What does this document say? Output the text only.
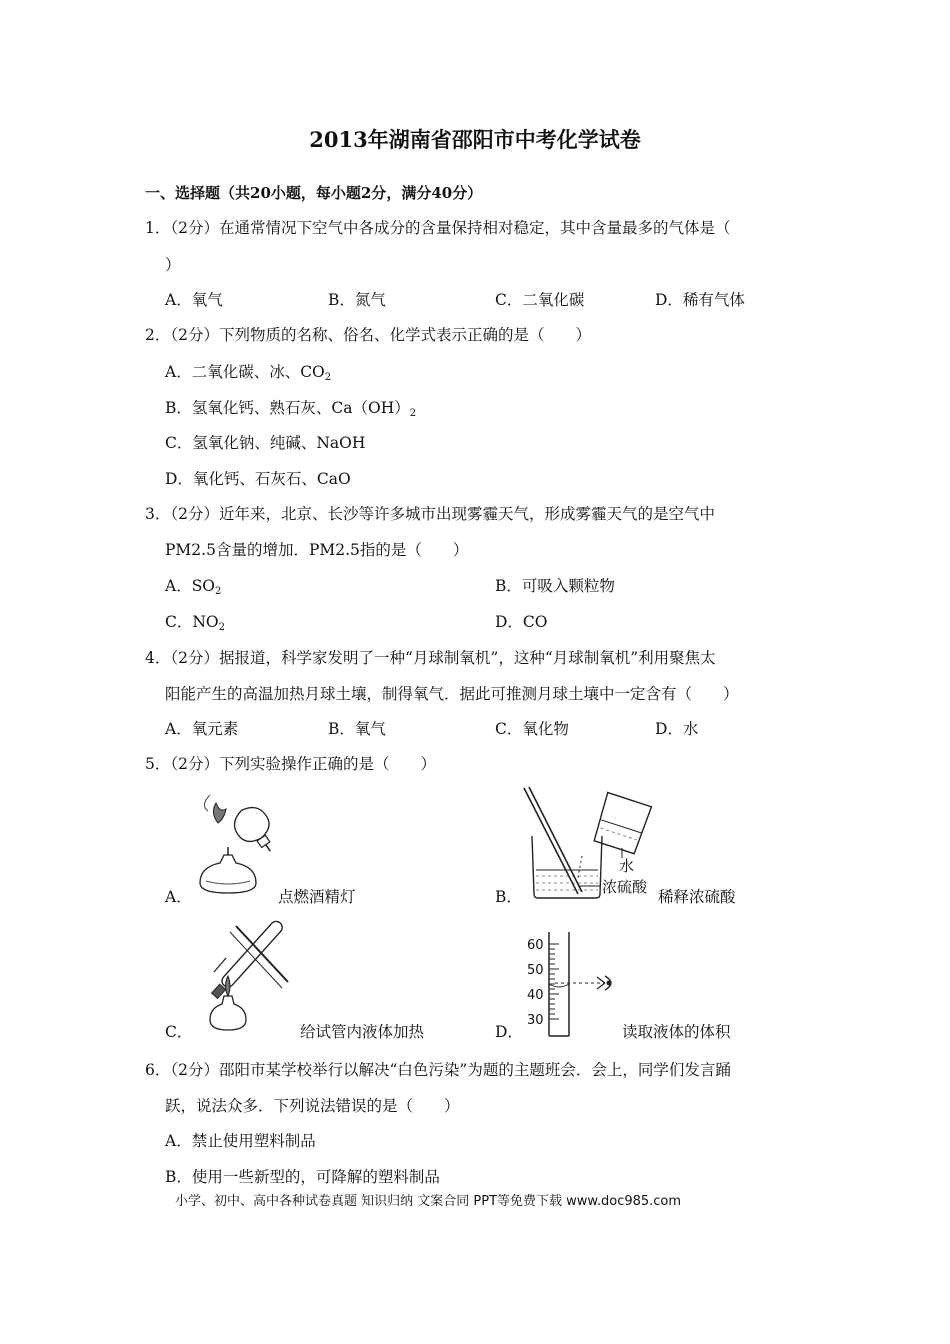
2013年湖南省邵阳市中考化学试卷
一、选择题（共20小题，每小题2分，满分40分）
1．（2分）在通常情况下空气中各成分的含量保持相对稳定，其中含量最多的气体是（
）
A．氧气	B．氮气	C．二氧化碳	D．稀有气体
2．（2分）下列物质的名称、俗名、化学式表示正确的是（　　）
A．二氧化碳、冰、$CO_2$
B．氢氧化钙、熟石灰、$Ca(OH)_2$
C．氢氧化钠、纯碱、NaOH
D．氧化钙、石灰石、CaO
3．（2分）近年来，北京、长沙等许多城市出现雾霾天气，形成雾霾天气的是空气中
PM2.5含量的增加．PM2.5指的是（　　）
A．$SO_2$	B．可吸入颗粒物
C．$NO_2$	D．CO
4．（2分）据报道，科学家发明了一种“月球制氧机”，这种“月球制氧机”利用聚焦太
阳能产生的高温加热月球土壤，制得氧气．据此可推测月球土壤中一定含有（　　）
A．氧元素	B．氧气	C．氧化物	D．水
5．（2分）下列实验操作正确的是（　　）
A．	点燃酒精灯
水
浓硫酸
B．	稀释浓硫酸
C．	给试管内液体加热
60
50
40
30
D．	读取液体的体积
6．（2分）邵阳市某学校举行以解决“白色污染”为题的主题班会．会上，同学们发言踊
跃，说法众多．下列说法错误的是（　　）
A．禁止使用塑料制品
B．使用一些新型的，可降解的塑料制品
小学、初中、高中各种试卷真题 知识归纳 文案合同 PPT等免费下载 www.doc985.com
